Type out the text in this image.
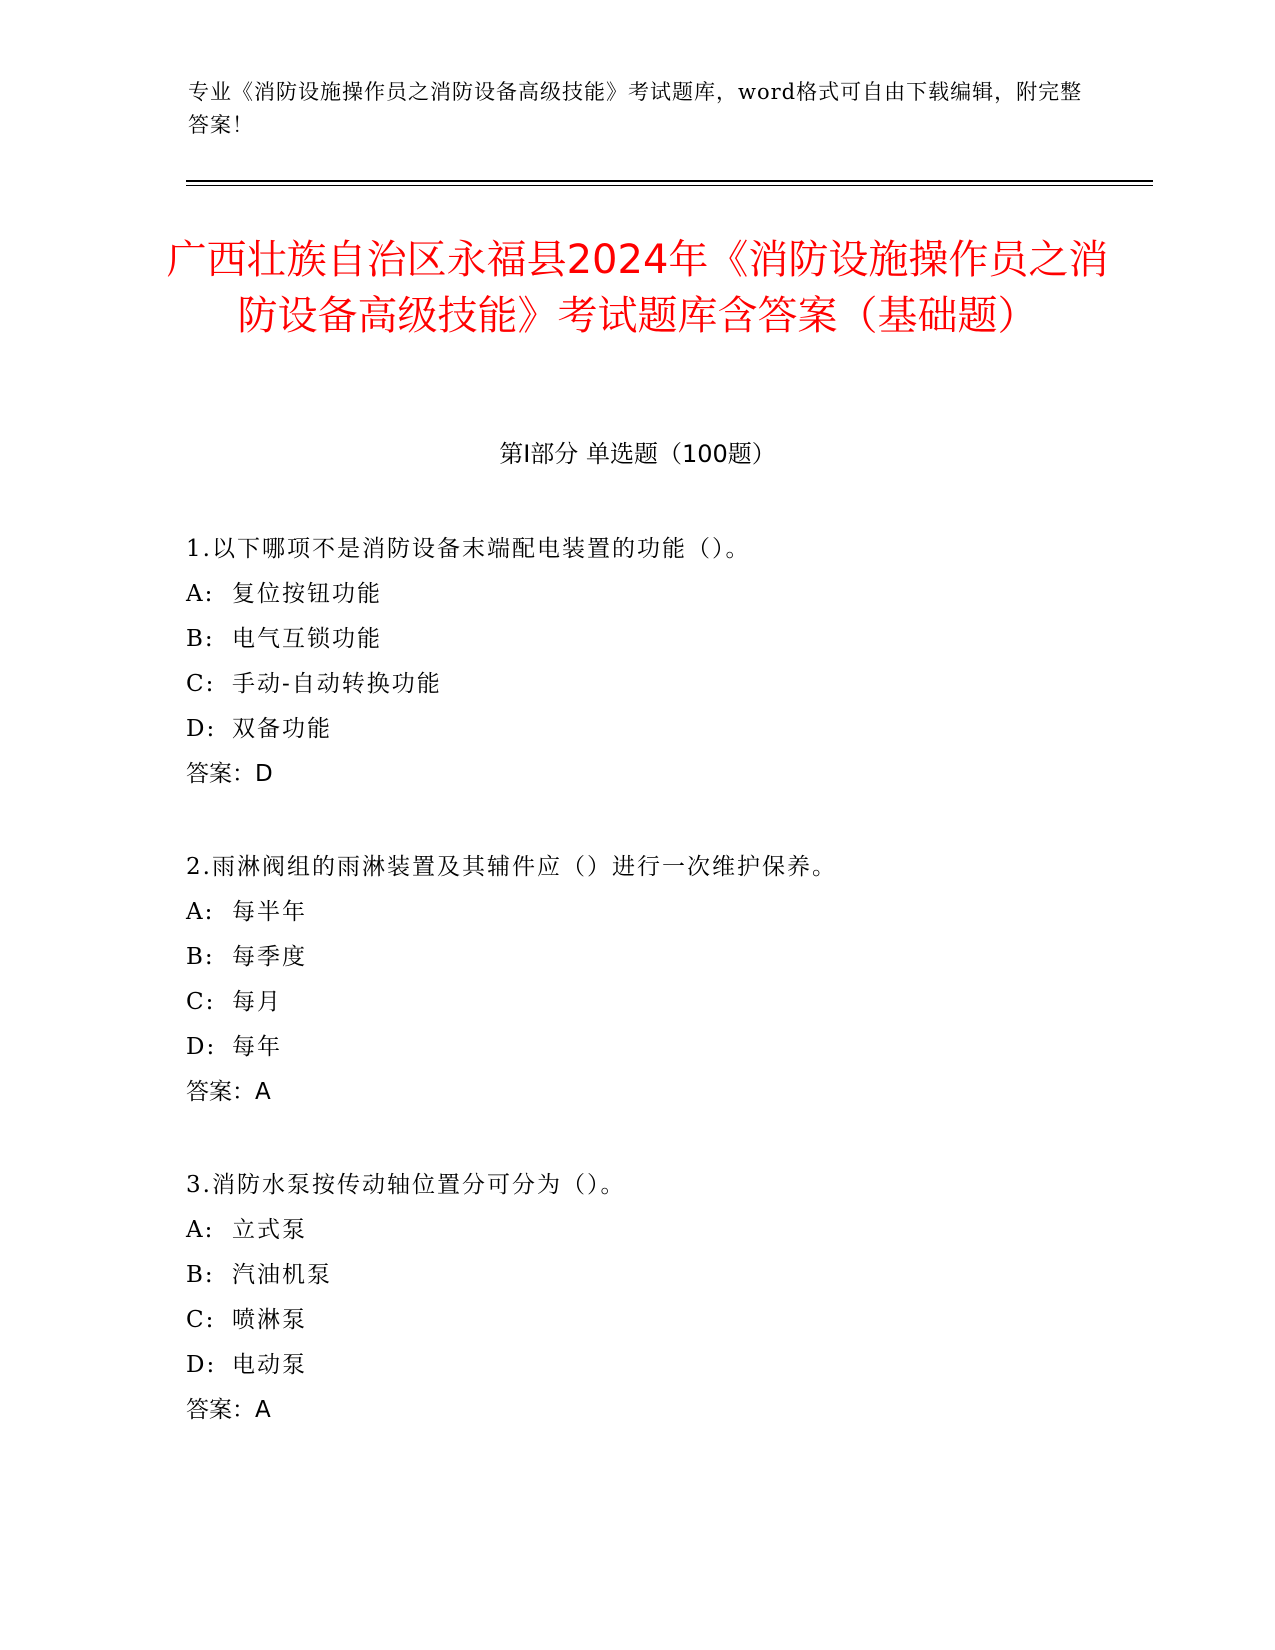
专业《消防设施操作员之消防设备高级技能》考试题库，word格式可自由下载编辑，附完整答案！
广西壮族自治区永福县2024年《消防设施操作员之消防设备高级技能》考试题库含答案（基础题）
第I部分 单选题（100题）
1.以下哪项不是消防设备末端配电装置的功能（）。
A: 复位按钮功能
B: 电气互锁功能
C: 手动-自动转换功能
D: 双备功能
答案：D
2.雨淋阀组的雨淋装置及其辅件应（）进行一次维护保养。
A: 每半年
B: 每季度
C: 每月
D: 每年
答案：A
3.消防水泵按传动轴位置分可分为（）。
A: 立式泵
B: 汽油机泵
C: 喷淋泵
D: 电动泵
答案：A
